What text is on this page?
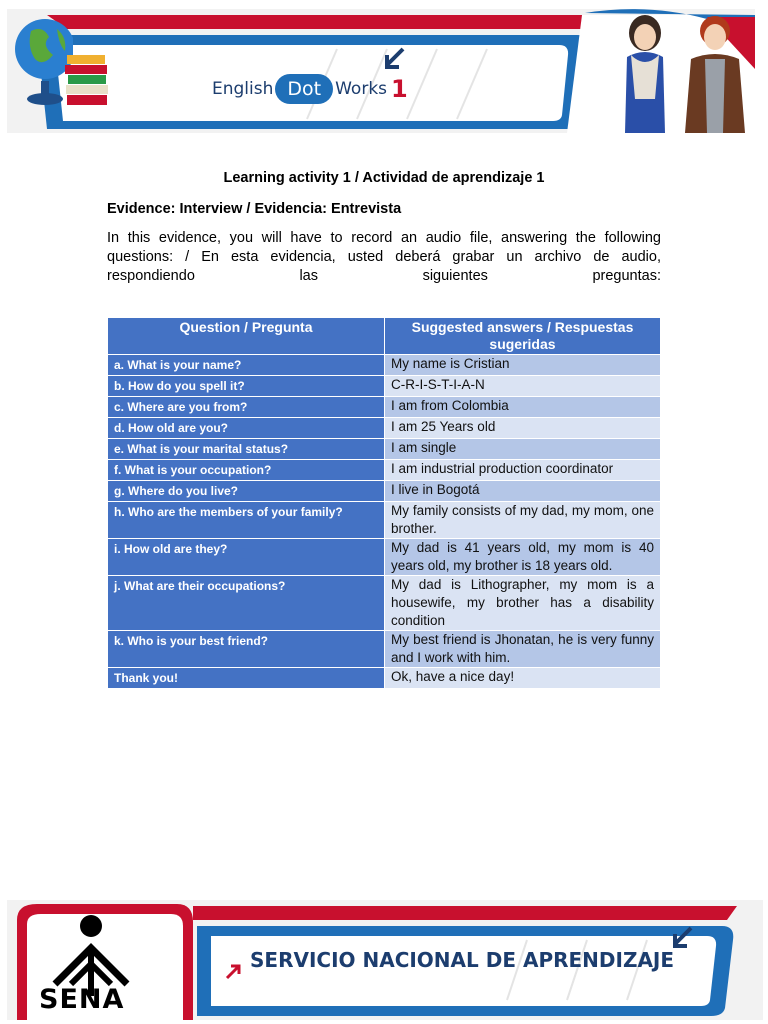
English Dot Works 1
Learning activity 1 / Actividad de aprendizaje 1
Evidence: Interview / Evidencia: Entrevista
In this evidence, you will have to record an audio file, answering the following questions: / En esta evidencia, usted deberá grabar un archivo de audio, respondiendo las siguientes preguntas:
Question / Pregunta	Suggested answers / Respuestas sugeridas
a. What is your name?	My name is Cristian
b. How do you spell it?	C-R-I-S-T-I-A-N
c. Where are you from?	I am from Colombia
d. How old are you?	I am 25 Years old
e. What is your marital status?	I am single
f. What is your occupation?	I am industrial production coordinator
g. Where do you live?	I live in Bogotá
h. Who are the members of your family?	My family consists of my dad, my mom, one brother.
i. How old are they?	My dad is 41 years old, my mom is 40 years old, my brother is 18 years old.
j. What are their occupations?	My dad is Lithographer, my mom is a housewife, my brother has a disability condition
k. Who is your best friend?	My best friend is Jhonatan, he is very funny and I work with him.
Thank you!	Ok, have a nice day!
SENA
SERVICIO NACIONAL DE APRENDIZAJE
